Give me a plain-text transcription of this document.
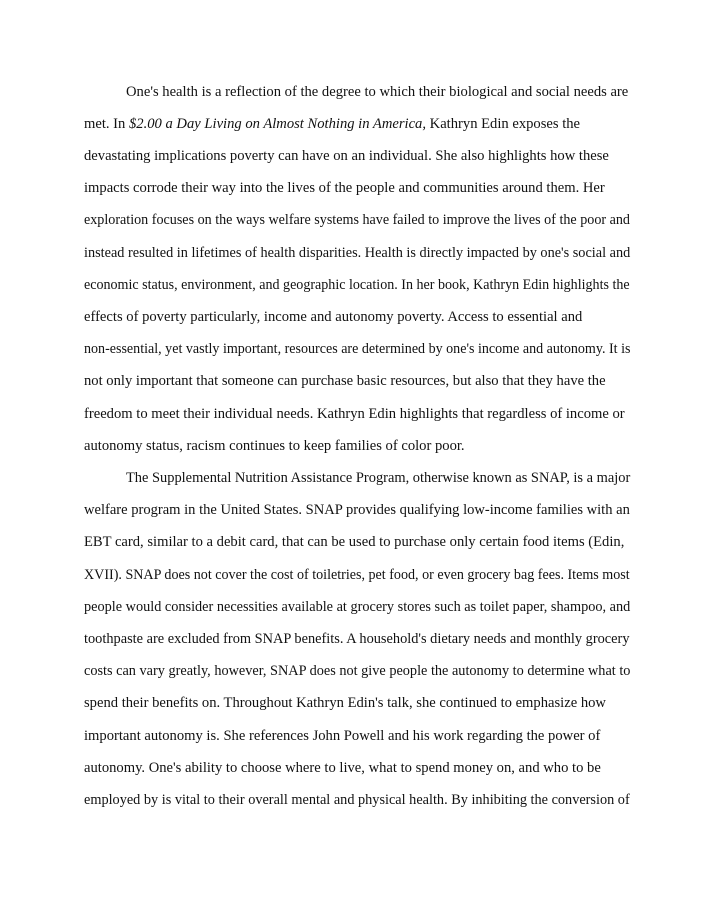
One's health is a reflection of the degree to which their biological and social needs are
met. In $2.00 a Day Living on Almost Nothing in America, Kathryn Edin exposes the
devastating implications poverty can have on an individual. She also highlights how these
impacts corrode their way into the lives of the people and communities around them. Her
exploration focuses on the ways welfare systems have failed to improve the lives of the poor and
instead resulted in lifetimes of health disparities. Health is directly impacted by one's social and
economic status, environment, and geographic location. In her book, Kathryn Edin highlights the
effects of poverty particularly, income and autonomy poverty. Access to essential and
non-essential, yet vastly important, resources are determined by one's income and autonomy. It is
not only important that someone can purchase basic resources, but also that they have the
freedom to meet their individual needs. Kathryn Edin highlights that regardless of income or
autonomy status, racism continues to keep families of color poor.
The Supplemental Nutrition Assistance Program, otherwise known as SNAP, is a major
welfare program in the United States. SNAP provides qualifying low-income families with an
EBT card, similar to a debit card, that can be used to purchase only certain food items (Edin,
XVII). SNAP does not cover the cost of toiletries, pet food, or even grocery bag fees. Items most
people would consider necessities available at grocery stores such as toilet paper, shampoo, and
toothpaste are excluded from SNAP benefits. A household's dietary needs and monthly grocery
costs can vary greatly, however, SNAP does not give people the autonomy to determine what to
spend their benefits on. Throughout Kathryn Edin's talk, she continued to emphasize how
important autonomy is. She references John Powell and his work regarding the power of
autonomy. One's ability to choose where to live, what to spend money on, and who to be
employed by is vital to their overall mental and physical health. By inhibiting the conversion of
